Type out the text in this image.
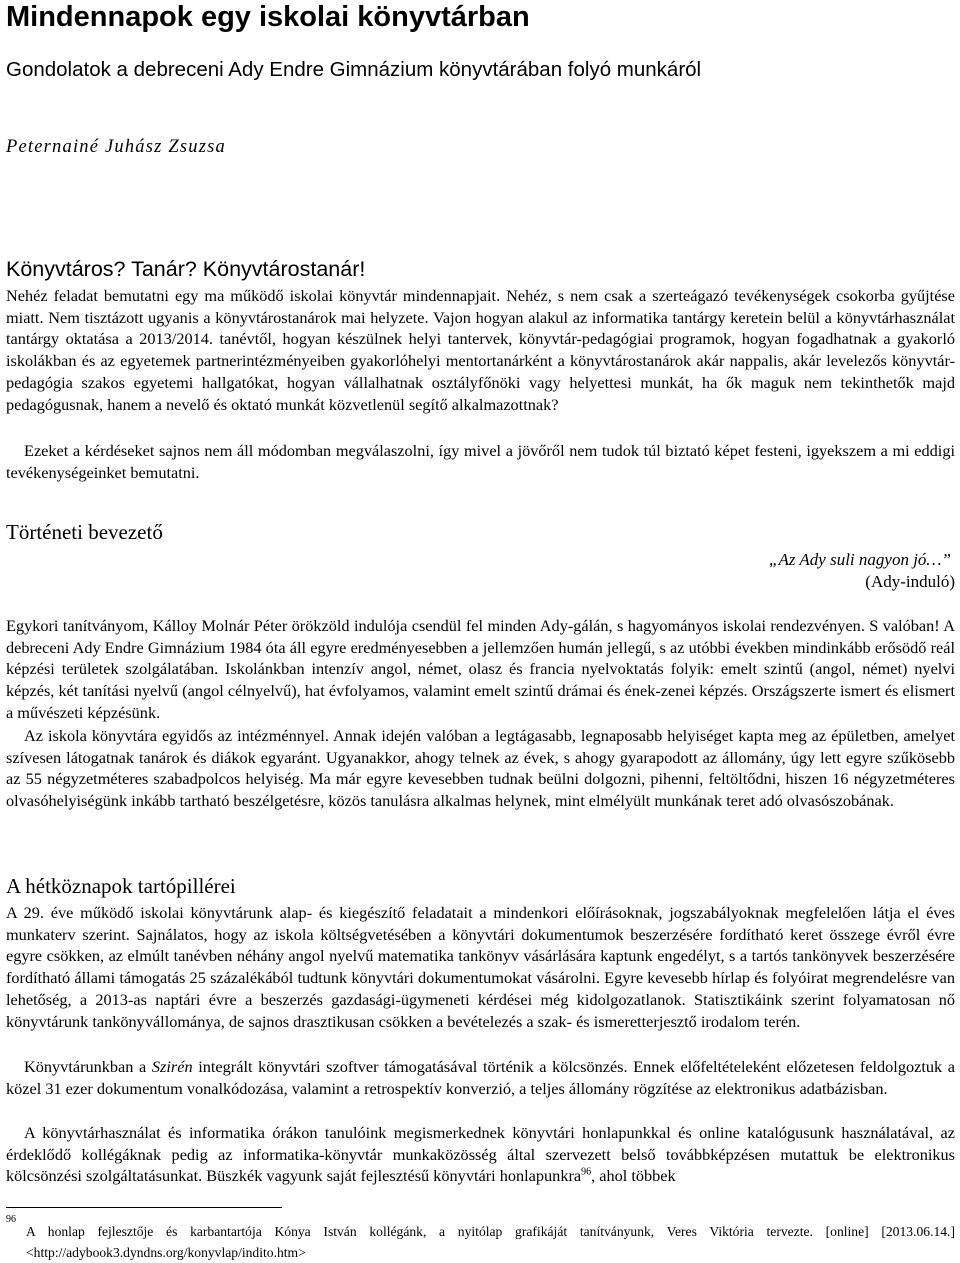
Mindennapok egy iskolai könyvtárban
Gondolatok a debreceni Ady Endre Gimnázium könyvtárában folyó munkáról
Peternainé Juhász Zsuzsa
Könyvtáros? Tanár? Könyvtárostanár!
Nehéz feladat bemutatni egy ma működő iskolai könyvtár mindennapjait. Nehéz, s nem csak a szerteágazó tevékenységek csokorba gyűjtése miatt. Nem tisztázott ugyanis a könyvtárostanárok mai helyzete. Vajon hogyan alakul az informatika tantárgy keretein belül a könyvtárhasználat tantárgy oktatása a 2013/2014. tanévtől, hogyan készülnek helyi tantervek, könyvtár-pedagógiai programok, hogyan fogadhatnak a gyakorló iskolákban és az egyetemek partnerintézményeiben gyakorlóhelyi mentortanárként a könyvtárostanárok akár nappalis, akár levelezős könyvtár-pedagógia szakos egyetemi hallgatókat, hogyan vállalhatnak osztályfőnöki vagy helyettesi munkát, ha ők maguk nem tekinthetők majd pedagógusnak, hanem a nevelő és oktató munkát közvetlenül segítő alkalmazottnak?
Ezeket a kérdéseket sajnos nem áll módomban megválaszolni, így mivel a jövőről nem tudok túl biztató képet festeni, igyekszem a mi eddigi tevékenységeinket bemutatni.
Történeti bevezető
„Az Ady suli nagyon jó…”
(Ady-induló)
Egykori tanítványom, Kálloy Molnár Péter örökzöld indulója csendül fel minden Ady-gálán, s hagyományos iskolai rendezvényen. S valóban! A debreceni Ady Endre Gimnázium 1984 óta áll egyre eredményesebben a jellemzően humán jellegű, s az utóbbi években mindinkább erősödő reál képzési területek szolgálatában. Iskolánkban intenzív angol, német, olasz és francia nyelvoktatás folyik: emelt szintű (angol, német) nyelvi képzés, két tanítási nyelvű (angol célnyelvű), hat évfolyamos, valamint emelt szintű drámai és ének-zenei képzés. Országszerte ismert és elismert a művészeti képzésünk.
Az iskola könyvtára egyidős az intézménnyel. Annak idején valóban a legtágasabb, legnaposabb helyiséget kapta meg az épületben, amelyet szívesen látogatnak tanárok és diákok egyaránt. Ugyanakkor, ahogy telnek az évek, s ahogy gyarapodott az állomány, úgy lett egyre szűkösebb az 55 négyzetméteres szabadpolcos helyiség. Ma már egyre kevesebben tudnak beülni dolgozni, pihenni, feltöltődni, hiszen 16 négyzetméteres olvasóhelyiségünk inkább tartható beszélgetésre, közös tanulásra alkalmas helynek, mint elmélyült munkának teret adó olvasószobának.
A hétköznapok tartópillérei
A 29. éve működő iskolai könyvtárunk alap- és kiegészítő feladatait a mindenkori előírásoknak, jogszabályoknak megfelelően látja el éves munkaterv szerint. Sajnálatos, hogy az iskola költségvetésében a könyvtári dokumentumok beszerzésére fordítható keret összege évről évre egyre csökken, az elmúlt tanévben néhány angol nyelvű matematika tankönyv vásárlására kaptunk engedélyt, s a tartós tankönyvek beszerzésére fordítható állami támogatás 25 százalékából tudtunk könyvtári dokumentumokat vásárolni. Egyre kevesebb hírlap és folyóirat megrendelésre van lehetőség, a 2013-as naptári évre a beszerzés gazdasági-ügymeneti kérdései még kidolgozatlanok. Statisztikáink szerint folyamatosan nő könyvtárunk tankönyvállománya, de sajnos drasztikusan csökken a bevételezés a szak- és ismeretterjesztő irodalom terén.
Könyvtárunkban a Szirén integrált könyvtári szoftver támogatásával történik a kölcsönzés. Ennek előfeltételeként előzetesen feldolgoztuk a közel 31 ezer dokumentum vonalkódozása, valamint a retrospektív konverzió, a teljes állomány rögzítése az elektronikus adatbázisban.
A könyvtárhasználat és informatika órákon tanulóink megismerkednek könyvtári honlapunkkal és online katalógusunk használatával, az érdeklődő kollégáknak pedig az informatika-könyvtár munkaközösség által szervezett belső továbbképzésen mutattuk be elektronikus kölcsönzési szolgáltatásunkat. Büszkék vagyunk saját fejlesztésű könyvtári honlapunkra$^{96}$, ahol többek
96
A honlap fejlesztője és karbantartója Kónya István kollégánk, a nyitólap grafikáját tanítványunk, Veres Viktória tervezte. [online] [2013.06.14.] <http://adybook3.dyndns.org/konyvlap/indito.htm>
